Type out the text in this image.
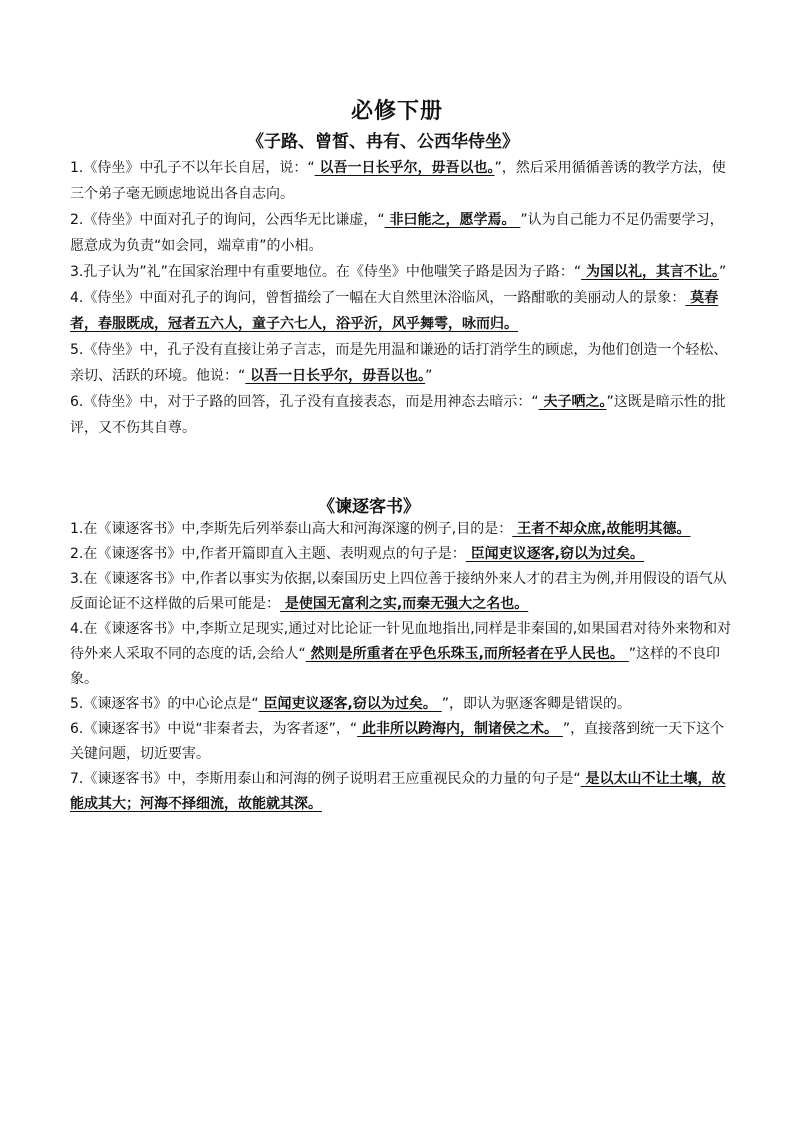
必修下册
《子路、曾皙、冉有、公西华侍坐》

1.《侍坐》中孔子不以年长自居，说：“ 以吾一日长乎尔，毋吾以也。”，然后采用循循善诱的教学方法，使三个弟子毫无顾虑地说出各自志向。

2.《侍坐》中面对孔子的询问，公西华无比谦虚，“ 非曰能之，愿学焉。 ”认为自己能力不足仍需要学习，愿意成为负责“如会同，端章甫”的小相。

3.孔子认为”礼”在国家治理中有重要地位。在《侍坐》中他嗤笑子路是因为子路：“ 为国以礼，其言不让。”

4.《侍坐》中面对孔子的询问，曾皙描绘了一幅在大自然里沐浴临风，一路酣歌的美丽动人的景象： 莫春者，春服既成，冠者五六人，童子六七人，浴乎沂，风乎舞雩，咏而归。

5.《侍坐》中，孔子没有直接让弟子言志，而是先用温和谦逊的话打消学生的顾虑，为他们创造一个轻松、亲切、活跃的环境。他说：“ 以吾一日长乎尔，毋吾以也。”

6.《侍坐》中，对于子路的回答，孔子没有直接表态，而是用神态去暗示：“ 夫子哂之。”这既是暗示性的批评，又不伤其自尊。

《谏逐客书》

1.在《谏逐客书》中,李斯先后列举泰山高大和河海深邃的例子,目的是： 王者不却众庶,故能明其德。

2.在《谏逐客书》中,作者开篇即直入主题、表明观点的句子是： 臣闻吏议逐客,窃以为过矣。

3.在《谏逐客书》中,作者以事实为依据,以秦国历史上四位善于接纳外来人才的君主为例,并用假设的语气从反面论证不这样做的后果可能是： 是使国无富利之实,而秦无强大之名也。

4.在《谏逐客书》中,李斯立足现实,通过对比论证一针见血地指出,同样是非秦国的,如果国君对待外来物和对待外来人采取不同的态度的话,会给人“ 然则是所重者在乎色乐珠玉,而所轻者在乎人民也。 ”这样的不良印象。

5.《谏逐客书》的中心论点是“ 臣闻吏议逐客,窃以为过矣。 ”，即认为驱逐客卿是错误的。

6.《谏逐客书》中说“非秦者去，为客者逐”，“ 此非所以跨海内，制诸侯之术。 ”，直接落到统一天下这个关键问题，切近要害。

7.《谏逐客书》中，李斯用泰山和河海的例子说明君王应重视民众的力量的句子是“ 是以太山不让土壤，故能成其大；河海不择细流，故能就其深。
